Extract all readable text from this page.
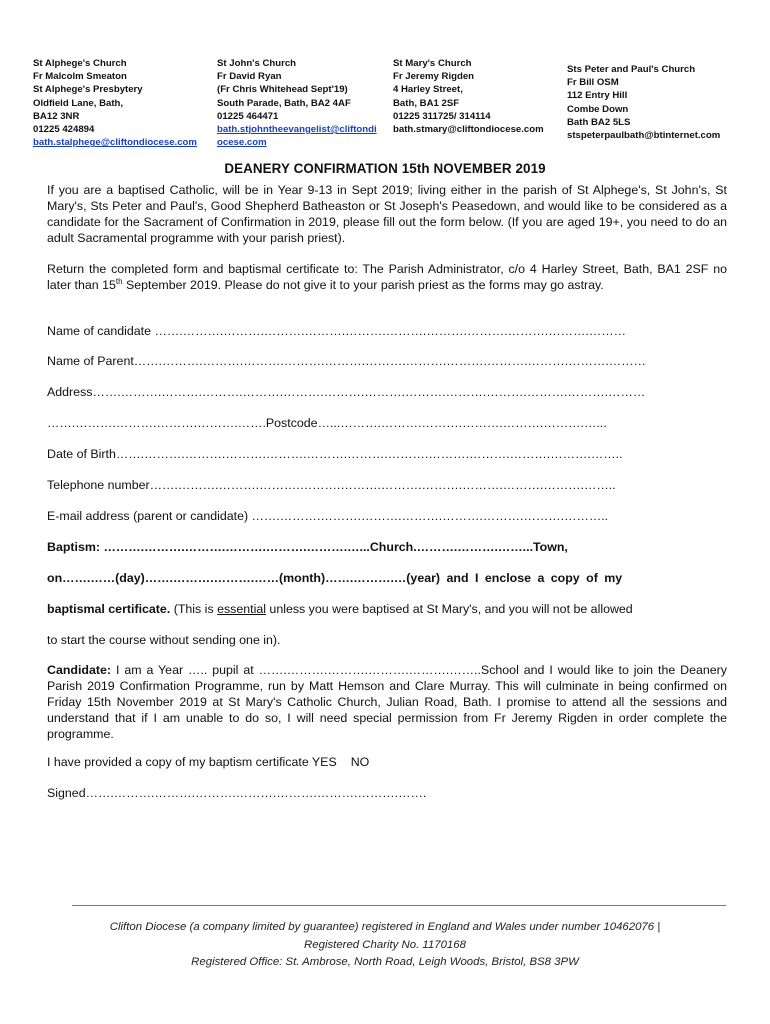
St Alphege's Church
Fr Malcolm Smeaton
St Alphege's Presbytery
Oldfield Lane, Bath,
BA12 3NR
01225 424894
bath.stalphege@cliftondiocese.com
St John's Church
Fr David Ryan
(Fr Chris Whitehead Sept'19)
South Parade, Bath, BA2 4AF
01225 464471
bath.stjohntheevangelist@cliftondi
ocese.com
St Mary's Church
Fr Jeremy Rigden
4 Harley Street,
Bath, BA1 2SF
01225 311725/ 314114
bath.stmary@cliftondiocese.com
Sts Peter and Paul's Church
Fr Bill OSM
112 Entry Hill
Combe Down
Bath BA2 5LS
stspeterpaulbath@btinternet.com
DEANERY CONFIRMATION 15th NOVEMBER 2019
If you are a baptised Catholic, will be in Year 9-13 in Sept 2019; living either in the parish of St Alphege's, St John's, St Mary's, Sts Peter and Paul's, Good Shepherd Batheaston or St Joseph's Peasedown, and would like to be considered as a candidate for the Sacrament of Confirmation in 2019, please fill out the form below. (If you are aged 19+, you need to do an adult Sacramental programme with your parish priest).
Return the completed form and baptismal certificate to: The Parish Administrator, c/o 4 Harley Street, Bath, BA1 2SF no later than 15th September 2019. Please do not give it to your parish priest as the forms may go astray.
Name of candidate …….……….……….……….……….……….……….……….……….……….……….………
Name of Parent…….……….……….……….……….……….……….……….……….……….……….……….………
Address…….……….……….……….……….……….……….……….……….……….……….……….……….………
…….……….……….……….……….…….Postcode…...……….……….……….……….……….……….…...
Date of Birth…….……….……….……….……….……….……….……….……….……….……….……….……..
Telephone number…….……….……….……….……….……….……….……….……….……….……….……..
E-mail address (parent or candidate) …….……….……….……….……….……….……….……….………..
Baptism: ……….……….……….……….……….……….…...Church.……….……….……...Town,
on…….……(day)…….……….……….……(month)…….……….…(year) and I enclose a copy of my
baptismal certificate. (This is essential unless you were baptised at St Mary's, and you will not be allowed
to start the course without sending one in).
Candidate: I am a Year ….. pupil at …….……….……….……….……….……..School and I would like to join the Deanery Parish 2019 Confirmation Programme, run by Matt Hemson and Clare Murray. This will culminate in being confirmed on Friday 15th November 2019 at St Mary's Catholic Church, Julian Road, Bath. I promise to attend all the sessions and understand that if I am unable to do so, I will need special permission from Fr Jeremy Rigden in order complete the programme.
I have provided a copy of my baptism certificate YES NO
Signed…….……….……….……….……….……….……….……….…….
Clifton Diocese (a company limited by guarantee) registered in England and Wales under number 10462076 |
Registered Charity No. 1170168
Registered Office: St. Ambrose, North Road, Leigh Woods, Bristol, BS8 3PW
